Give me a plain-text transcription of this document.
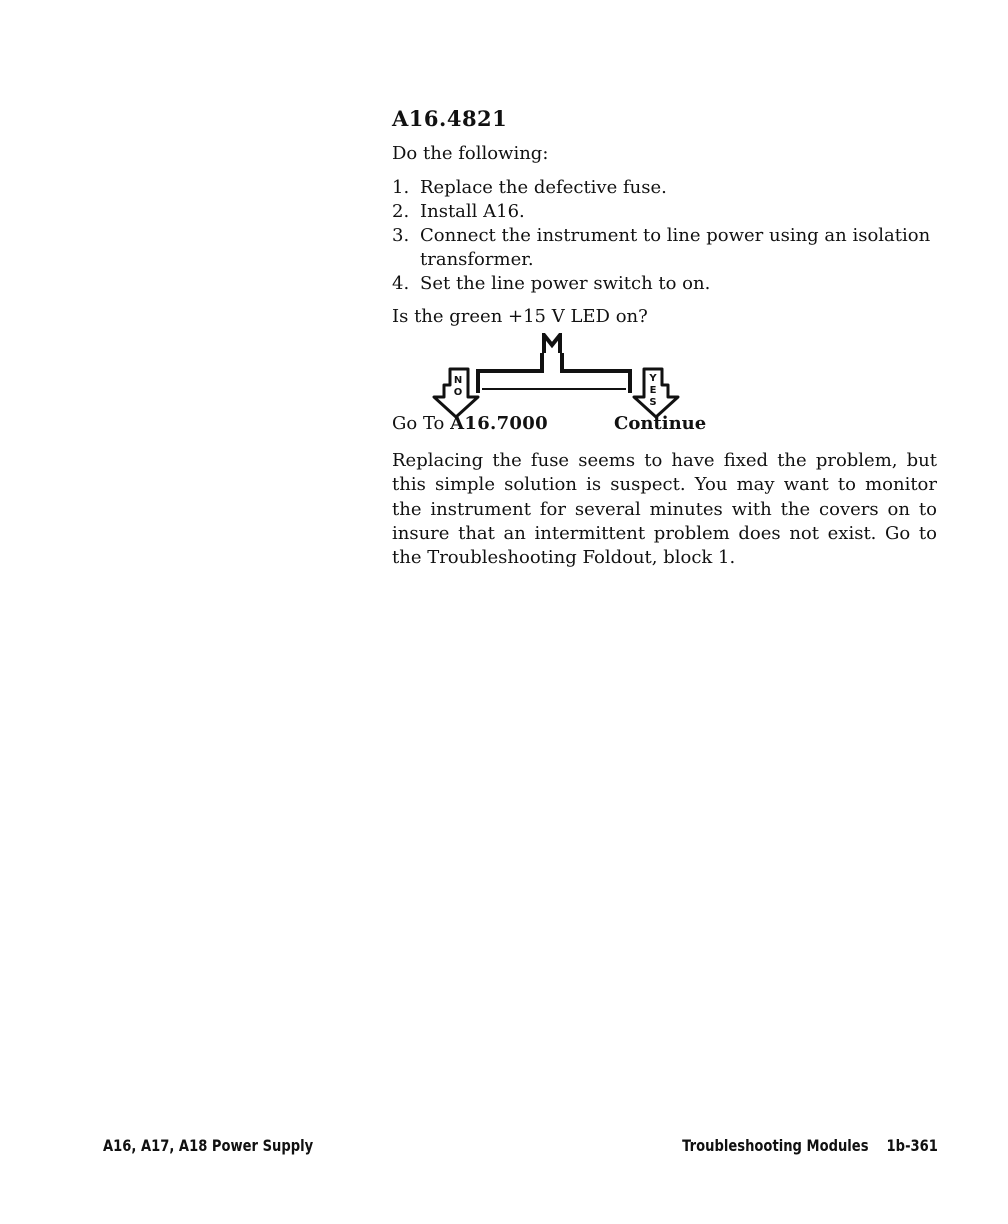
A16.4821

Do the following:

1. Replace the defective fuse.
2. Install A16.
3. Connect the instrument to line power using an isolation transformer.
4. Set the line power switch to on.

Is the green +15 V LED on?

N
O
Y
E
S
Go To A16.7000	Continue

Replacing the fuse seems to have fixed the problem, but this simple solution is suspect. You may want to monitor the instrument for several minutes with the covers on to insure that an intermittent problem does not exist. Go to the Troubleshooting Foldout, block 1.

A16, A17, A18 Power Supply	Troubleshooting Modules 1b-361
